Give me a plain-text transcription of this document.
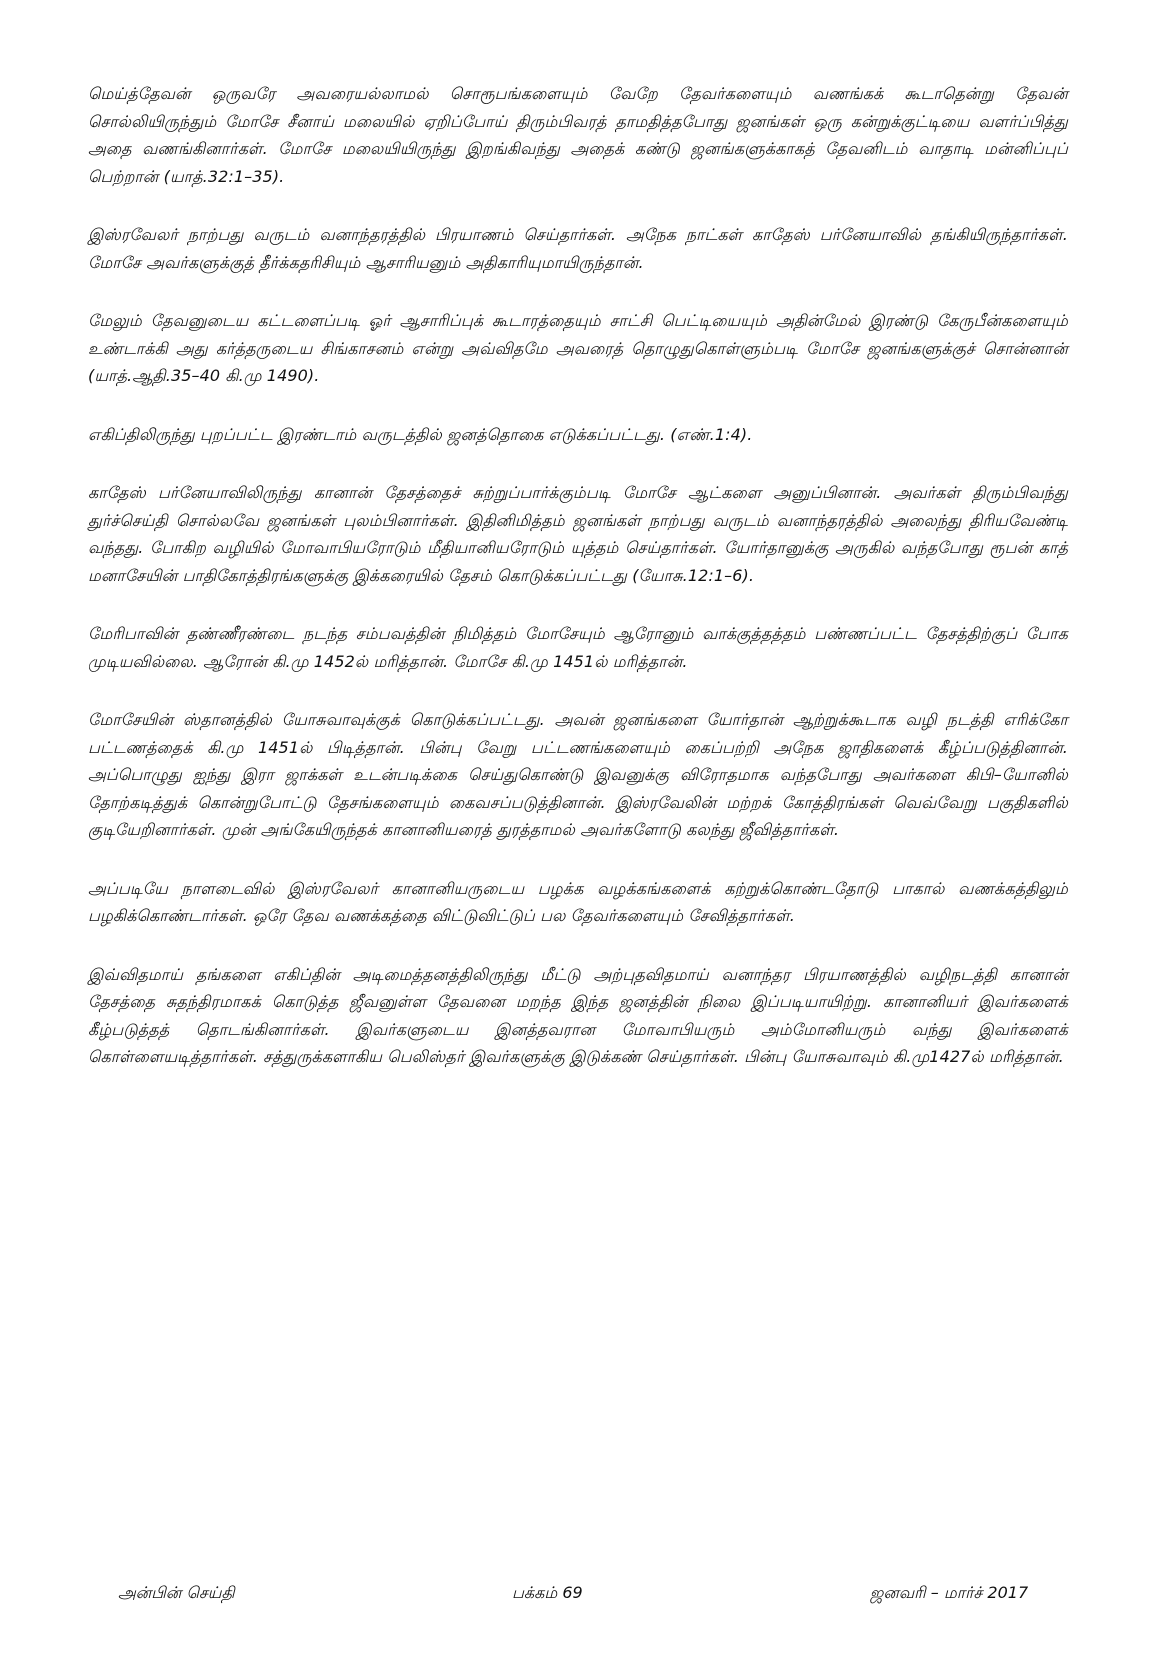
மெய்த்தேவன் ஒருவரே அவரையல்லாமல் சொரூபங்களையும் வேறே தேவர்களையும் வணங்கக் கூடாதென்று தேவன் சொல்லியிருந்தும் மோசே சீனாய் மலையில் ஏறிப்போய் திரும்பிவரத் தாமதித்தபோது ஜனங்கள் ஒரு கன்றுக்குட்டியை வளர்ப்பித்து அதை வணங்கினார்கள். மோசே மலையியிருந்து இறங்கிவந்து அதைக் கண்டு ஜனங்களுக்காகத் தேவனிடம் வாதாடி மன்னிப்புப் பெற்றான் (யாத்.32:1–35).

இஸ்ரவேலர் நாற்பது வருடம் வனாந்தரத்தில் பிரயாணம் செய்தார்கள். அநேக நாட்கள் காதேஸ் பர்னேயாவில் தங்கியிருந்தார்கள். மோசே அவர்களுக்குத் தீர்க்கதரிசியும் ஆசாரியனும் அதிகாரியுமாயிருந்தான்.

மேலும் தேவனுடைய கட்டளைப்படி ஓர் ஆசாரிப்புக் கூடாரத்தையும் சாட்சி பெட்டியையும் அதின்மேல் இரண்டு கேருபீன்களையும் உண்டாக்கி அது கர்த்தருடைய சிங்காசனம் என்று அவ்விதமே அவரைத் தொழுதுகொள்ளும்படி மோசே ஜனங்களுக்குச் சொன்னான் (யாத்.ஆதி.35–40 கி.மு 1490).

எகிப்திலிருந்து புறப்பட்ட இரண்டாம் வருடத்தில் ஜனத்தொகை எடுக்கப்பட்டது. (எண்.1:4).

காதேஸ் பர்னேயாவிலிருந்து கானான் தேசத்தைச் சுற்றுப்பார்க்கும்படி மோசே ஆட்களை அனுப்பினான். அவர்கள் திரும்பிவந்து துர்ச்செய்தி சொல்லவே ஜனங்கள் புலம்பினார்கள். இதினிமித்தம் ஜனங்கள் நாற்பது வருடம் வனாந்தரத்தில் அலைந்து திரியவேண்டி வந்தது. போகிற வழியில் மோவாபியரோடும் மீதியானியரோடும் யுத்தம் செய்தார்கள். யோர்தானுக்கு அருகில் வந்தபோது ரூபன் காத் மனாசேயின் பாதிகோத்திரங்களுக்கு இக்கரையில் தேசம் கொடுக்கப்பட்டது (யோசு.12:1–6).

மேரிபாவின் தண்ணீரண்டை நடந்த சம்பவத்தின் நிமித்தம் மோசேயும் ஆரோனும் வாக்குத்தத்தம் பண்ணப்பட்ட தேசத்திற்குப் போக முடியவில்லை. ஆரோன் கி.மு 1452ல் மரித்தான். மோசே கி.மு 1451ல் மரித்தான்.

மோசேயின் ஸ்தானத்தில் யோசுவாவுக்குக் கொடுக்கப்பட்டது. அவன் ஜனங்களை யோர்தான் ஆற்றுக்கூடாக வழி நடத்தி எரிக்கோ பட்டணத்தைக் கி.மு 1451ல் பிடித்தான். பின்பு வேறு பட்டணங்களையும் கைப்பற்றி அநேக ஜாதிகளைக் கீழ்ப்படுத்தினான். அப்பொழுது ஐந்து இரா ஜாக்கள் உடன்படிக்கை செய்துகொண்டு இவனுக்கு விரோதமாக வந்தபோது அவர்களை கிபி–யோனில் தோற்கடித்துக் கொன்றுபோட்டு தேசங்களையும் கைவசப்படுத்தினான். இஸ்ரவேலின் மற்றக் கோத்திரங்கள் வெவ்வேறு பகுதிகளில் குடியேறினார்கள். முன் அங்கேயிருந்தக் கானானியரைத் துரத்தாமல் அவர்களோடு கலந்து ஜீவித்தார்கள்.

அப்படியே நாளடைவில் இஸ்ரவேலர் கானானியருடைய பழக்க வழக்கங்களைக் கற்றுக்கொண்டதோடு பாகால் வணக்கத்திலும் பழகிக்கொண்டார்கள். ஒரே தேவ வணக்கத்தை விட்டுவிட்டுப் பல தேவர்களையும் சேவித்தார்கள்.

இவ்விதமாய் தங்களை எகிப்தின் அடிமைத்தனத்திலிருந்து மீட்டு அற்புதவிதமாய் வனாந்தர பிரயாணத்தில் வழிநடத்தி கானான் தேசத்தை சுதந்திரமாகக் கொடுத்த ஜீவனுள்ள தேவனை மறந்த இந்த ஜனத்தின் நிலை இப்படியாயிற்று. கானானியர் இவர்களைக் கீழ்படுத்தத் தொடங்கினார்கள். இவர்களுடைய இனத்தவரான மோவாபியரும் அம்மோனியரும் வந்து இவர்களைக் கொள்ளையடித்தார்கள். சத்துருக்களாகிய பெலிஸ்தர் இவர்களுக்கு இடுக்கண் செய்தார்கள். பின்பு யோசுவாவும் கி.மு1427ல் மரித்தான்.

அன்பின் செய்தி	பக்கம் 69	ஜனவரி – மார்ச் 2017
